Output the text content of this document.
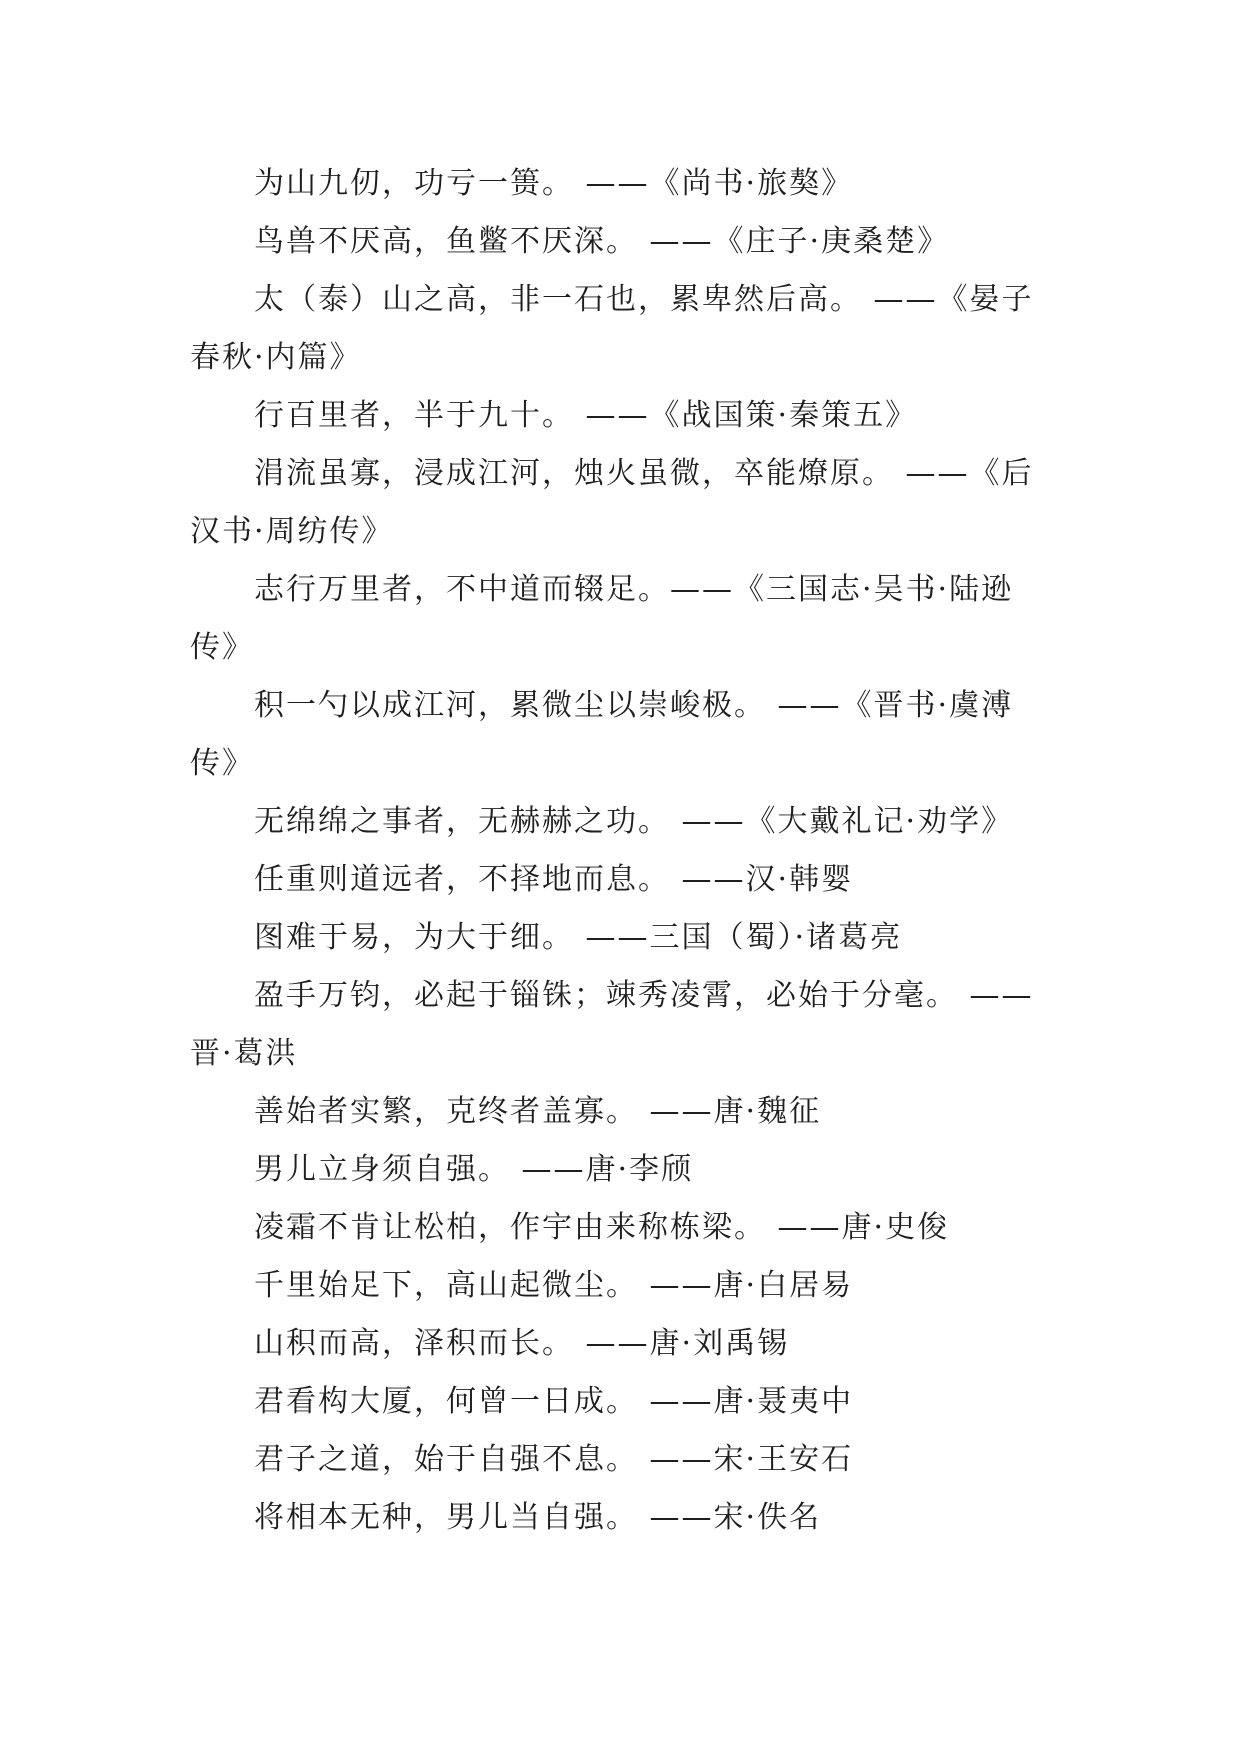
为山九仞，功亏一篑。 ——《尚书·旅獒》

鸟兽不厌高，鱼鳖不厌深。 ——《庄子·庚桑楚》

太（泰）山之高，非一石也，累卑然后高。 ——《晏子春秋·内篇》

行百里者，半于九十。 ——《战国策·秦策五》

涓流虽寡，浸成江河，烛火虽微，卒能燎原。 ——《后汉书·周纺传》

志行万里者，不中道而辍足。——《三国志·吴书·陆逊传》

积一勺以成江河，累微尘以崇峻极。 ——《晋书·虞溥传》

无绵绵之事者，无赫赫之功。 ——《大戴礼记·劝学》

任重则道远者，不择地而息。 ——汉·韩婴

图难于易，为大于细。 ——三国（蜀）·诸葛亮

盈手万钧，必起于锱铢；竦秀凌霄，必始于分毫。 ——晋·葛洪

善始者实繁，克终者盖寡。 ——唐·魏征

男儿立身须自强。 ——唐·李颀

凌霜不肯让松柏，作宇由来称栋梁。 ——唐·史俊

千里始足下，高山起微尘。 ——唐·白居易

山积而高，泽积而长。 ——唐·刘禹锡

君看构大厦，何曾一日成。 ——唐·聂夷中

君子之道，始于自强不息。 ——宋·王安石

将相本无种，男儿当自强。 ——宋·佚名
